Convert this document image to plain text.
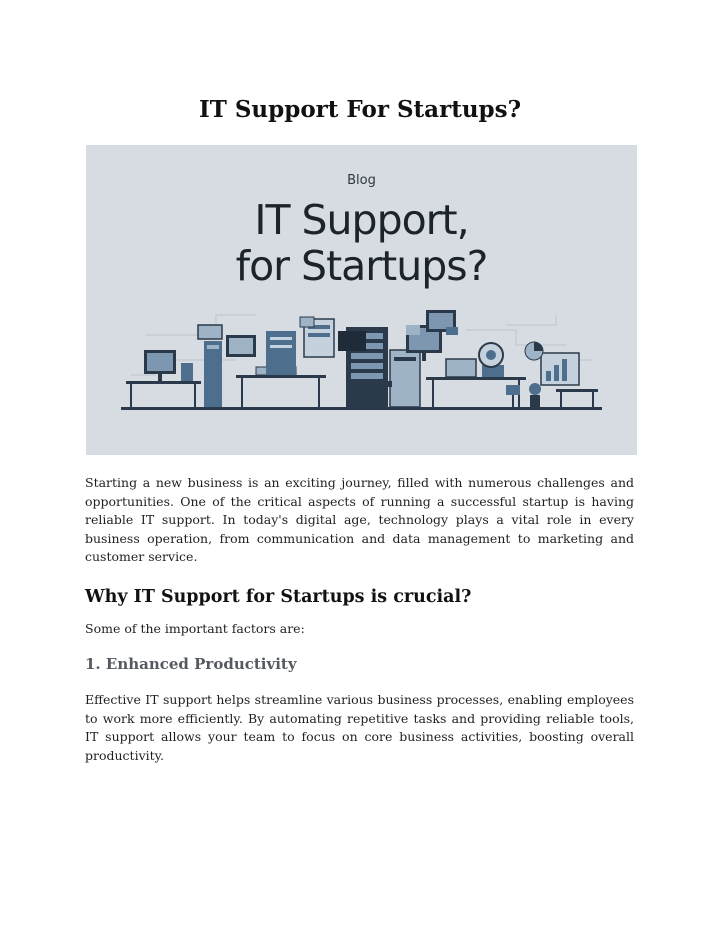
IT Support For Startups?
Blog
IT Support,
for Startups?

Starting a new business is an exciting journey, filled with numerous challenges and opportunities. One of the critical aspects of running a successful startup is having reliable IT support. In today's digital age, technology plays a vital role in every business operation, from communication and data management to marketing and customer service.

Why IT Support for Startups is crucial?

Some of the important factors are:

1. Enhanced Productivity

Effective IT support helps streamline various business processes, enabling employees to work more efficiently. By automating repetitive tasks and providing reliable tools, IT support allows your team to focus on core business activities, boosting overall productivity.
